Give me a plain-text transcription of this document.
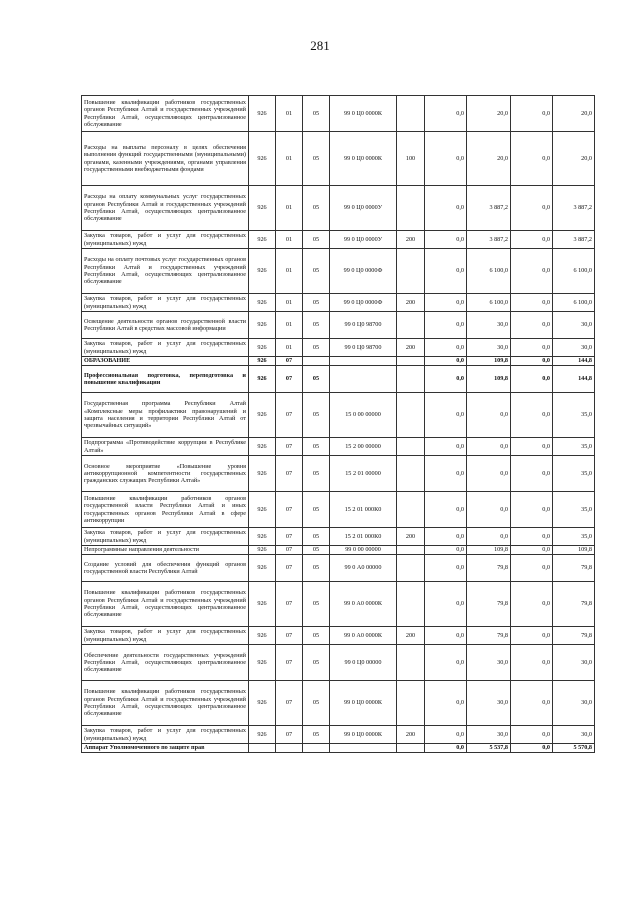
281
Повышение квалификации работников государственных органов Республики Алтай и государственных учреждений Республики Алтай, осуществляющих централизованное обслуживание	926	01	05	99 0 Ц0 0000К		0,0	20,0	0,0	20,0
Расходы на выплаты персоналу в целях обеспечения выполнения функций государственными (муниципальными) органами, казенными учреждениями, органами управления государственными внебюджетными фондами	926	01	05	99 0 Ц0 0000К	100	0,0	20,0	0,0	20,0
Расходы на оплату коммунальных услуг государственных органов Республики Алтай и государственных учреждений Республики Алтай, осуществляющих централизованное обслуживание	926	01	05	99 0 Ц0 0000У		0,0	3 887,2	0,0	3 887,2
Закупка товаров, работ и услуг для государственных (муниципальных) нужд	926	01	05	99 0 Ц0 0000У	200	0,0	3 887,2	0,0	3 887,2
Расходы на оплату почтовых услуг государственных органов Республики Алтай и государственных учреждений Республики Алтай, осуществляющих централизованное обслуживание	926	01	05	99 0 Ц0 0000Ф		0,0	6 100,0	0,0	6 100,0
Закупка товаров, работ и услуг для государственных (муниципальных) нужд	926	01	05	99 0 Ц0 0000Ф	200	0,0	6 100,0	0,0	6 100,0
Освещение деятельности органов государственной власти Республики Алтай в средствах массовой информации	926	01	05	99 0 Ц0 98700		0,0	30,0	0,0	30,0
Закупка товаров, работ и услуг для государственных (муниципальных) нужд	926	01	05	99 0 Ц0 98700	200	0,0	30,0	0,0	30,0
ОБРАЗОВАНИЕ	926	07				0,0	109,8	0,0	144,8
Профессиональная подготовка, переподготовка и повышение квалификации	926	07	05			0,0	109,8	0,0	144,8
Государственная программа Республики Алтай «Комплексные меры профилактики правонарушений и защита населения и территории Республики Алтай от чрезвычайных ситуаций»	926	07	05	15 0 00 00000		0,0	0,0	0,0	35,0
Подпрограмма «Противодействие коррупции в Республике Алтай»	926	07	05	15 2 00 00000		0,0	0,0	0,0	35,0
Основное мероприятие «Повышение уровня антикоррупционной компетентности государственных гражданских служащих Республики Алтай»	926	07	05	15 2 01 00000		0,0	0,0	0,0	35,0
Повышение квалификации работников органов государственной власти Республики Алтай и иных государственных органов Республики Алтай в сфере антикоррупции	926	07	05	15 2 01 000К0		0,0	0,0	0,0	35,0
Закупка товаров, работ и услуг для государственных (муниципальных) нужд	926	07	05	15 2 01 000К0	200	0,0	0,0	0,0	35,0
Непрограммные направления деятельности	926	07	05	99 0 00 00000		0,0	109,8	0,0	109,8
Создание условий для обеспечения функций органов государственной власти Республики Алтай	926	07	05	99 0 А0 00000		0,0	79,8	0,0	79,8
Повышение квалификации работников государственных органов Республики Алтай и государственных учреждений Республики Алтай, осуществляющих централизованное обслуживание	926	07	05	99 0 А0 0000К		0,0	79,8	0,0	79,8
Закупка товаров, работ и услуг для государственных (муниципальных) нужд	926	07	05	99 0 А0 0000К	200	0,0	79,8	0,0	79,8
Обеспечение деятельности государственных учреждений Республики Алтай, осуществляющих централизованное обслуживание	926	07	05	99 0 Ц0 00000		0,0	30,0	0,0	30,0
Повышение квалификации работников государственных органов Республики Алтай и государственных учреждений Республики Алтай, осуществляющих централизованное обслуживание	926	07	05	99 0 Ц0 0000К		0,0	30,0	0,0	30,0
Закупка товаров, работ и услуг для государственных (муниципальных) нужд	926	07	05	99 0 Ц0 0000К	200	0,0	30,0	0,0	30,0
Аппарат Уполномоченного по защите прав						0,0	5 537,8	0,0	5 570,8
